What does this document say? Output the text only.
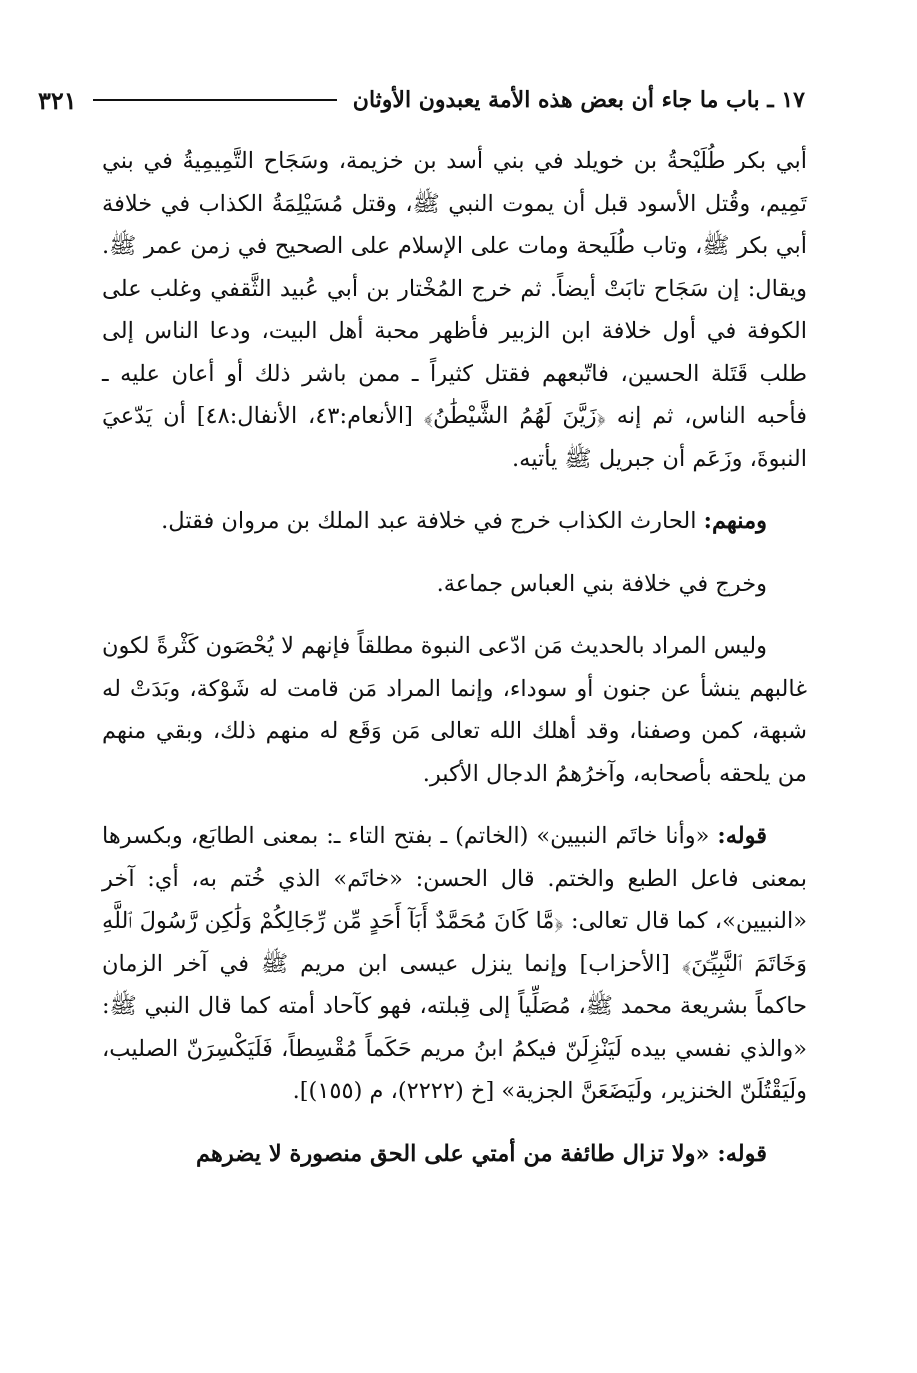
١٧ ـ باب ما جاء أن بعض هذه الأمة يعبدون الأوثان
٣٢١

أبي بكر طُلَيْحةُ بن خويلد في بني أسد بن خزيمة، وسَجَاح التَّمِيمِيةُ في بني تَمِيم، وقُتل الأسود قبل أن يموت النبي ﷺ، وقتل مُسَيْلِمَةُ الكذاب في خلافة أبي بكر ﷺ، وتاب طُلَيحة ومات على الإسلام على الصحيح في زمن عمر ﷺ. ويقال: إن سَجَاح تابَتْ أيضاً. ثم خرج المُخْتار بن أبي عُبيد الثَّقفي وغلب على الكوفة في أول خلافة ابن الزبير فأظهر محبة أهل البيت، ودعا الناس إلى طلب قَتَلة الحسين، فاتّبعهم فقتل كثيراً ـ ممن باشر ذلك أو أعان عليه ـ فأحبه الناس، ثم إنه ﴿زَيَّنَ لَهُمُ الشَّيْطَٰنُ﴾ [الأنعام:٤٣، الأنفال:٤٨] أن يَدّعيَ النبوةَ، وزَعَم أن جبريل ﷺ يأتيه.

ومنهم: الحارث الكذاب خرج في خلافة عبد الملك بن مروان فقتل.

وخرج في خلافة بني العباس جماعة.

وليس المراد بالحديث مَن ادّعى النبوة مطلقاً فإنهم لا يُحْصَون كَثْرةً لكون غالبهم ينشأ عن جنون أو سوداء، وإنما المراد مَن قامت له شَوْكة، وبَدَتْ له شبهة، كمن وصفنا، وقد أهلك الله تعالى مَن وَقَع له منهم ذلك، وبقي منهم من يلحقه بأصحابه، وآخرُهمُ الدجال الأكبر.

قوله: «وأنا خاتَم النبيين» (الخاتم) ـ بفتح التاء ـ: بمعنى الطابَع، وبكسرها بمعنى فاعل الطبع والختم. قال الحسن: «خاتَم» الذي خُتم به، أي: آخر «النبيين»، كما قال تعالى: ﴿مَّا كَانَ مُحَمَّدٌ أَبَآ أَحَدٍ مِّن رِّجَالِكُمْ وَلَٰكِن رَّسُولَ ٱللَّهِ وَخَاتَمَ ٱلنَّبِيِّـۧنَ﴾ [الأحزاب] وإنما ينزل عيسى ابن مريم ﷺ في آخر الزمان حاكماً بشريعة محمد ﷺ، مُصَلِّياً إلى قِبلته، فهو كآحاد أمته كما قال النبي ﷺ: «والذي نفسي بيده لَيَنْزِلَنّ فيكمُ ابنُ مريم حَكَماً مُقْسِطاً، فَلَيَكْسِرَنّ الصليب، ولَيَقْتُلَنّ الخنزير، ولَيَضَعَنَّ الجزية» [خ (٢٢٢٢)، م (١٥٥)].

قوله: «ولا تزال طائفة من أمتي على الحق منصورة لا يضرهم
